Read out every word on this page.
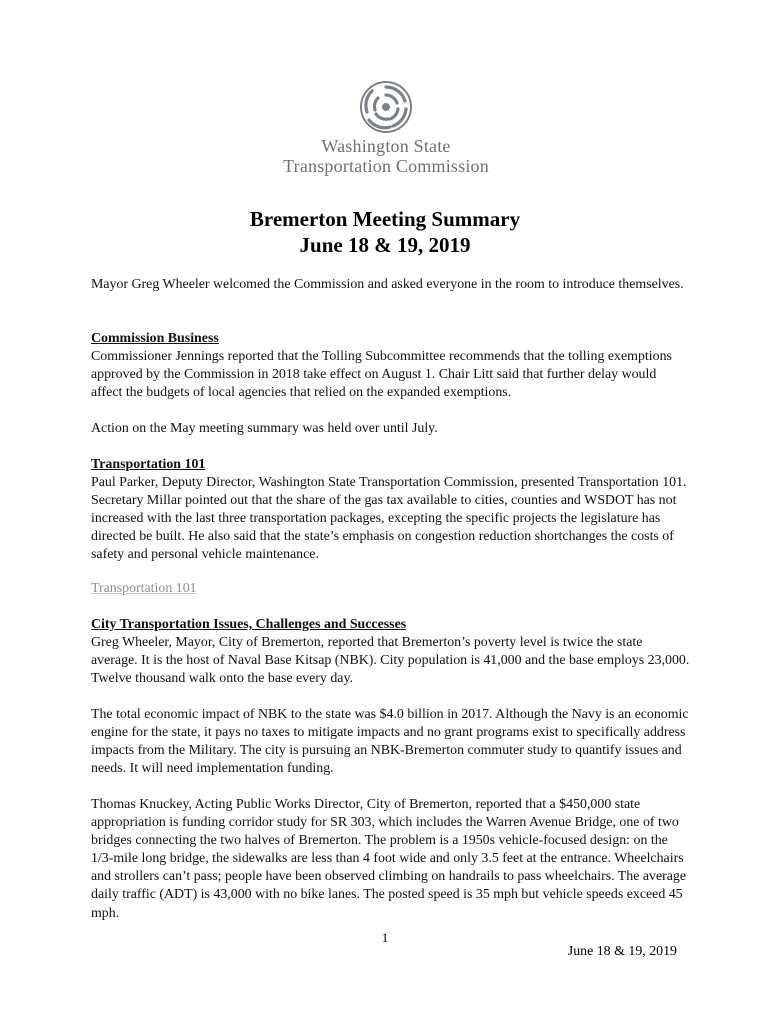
Washington State
Transportation Commission
Bremerton Meeting Summary
June 18 & 19, 2019

Mayor Greg Wheeler welcomed the Commission and asked everyone in the room to introduce themselves.

Commission Business

Commissioner Jennings reported that the Tolling Subcommittee recommends that the tolling exemptions approved by the Commission in 2018 take effect on August 1. Chair Litt said that further delay would affect the budgets of local agencies that relied on the expanded exemptions.

Action on the May meeting summary was held over until July.

Transportation 101

Paul Parker, Deputy Director, Washington State Transportation Commission, presented Transportation 101. Secretary Millar pointed out that the share of the gas tax available to cities, counties and WSDOT has not increased with the last three transportation packages, excepting the specific projects the legislature has directed be built. He also said that the state’s emphasis on congestion reduction shortchanges the costs of safety and personal vehicle maintenance.

Transportation 101

City Transportation Issues, Challenges and Successes

Greg Wheeler, Mayor, City of Bremerton, reported that Bremerton’s poverty level is twice the state average. It is the host of Naval Base Kitsap (NBK). City population is 41,000 and the base employs 23,000. Twelve thousand walk onto the base every day.

The total economic impact of NBK to the state was $4.0 billion in 2017. Although the Navy is an economic engine for the state, it pays no taxes to mitigate impacts and no grant programs exist to specifically address impacts from the Military. The city is pursuing an NBK-Bremerton commuter study to quantify issues and needs. It will need implementation funding.

Thomas Knuckey, Acting Public Works Director, City of Bremerton, reported that a $450,000 state appropriation is funding corridor study for SR 303, which includes the Warren Avenue Bridge, one of two bridges connecting the two halves of Bremerton. The problem is a 1950s vehicle-focused design: on the 1/3-mile long bridge, the sidewalks are less than 4 foot wide and only 3.5 feet at the entrance. Wheelchairs and strollers can’t pass; people have been observed climbing on handrails to pass wheelchairs. The average daily traffic (ADT) is 43,000 with no bike lanes. The posted speed is 35 mph but vehicle speeds exceed 45 mph.

1
June 18 & 19, 2019
